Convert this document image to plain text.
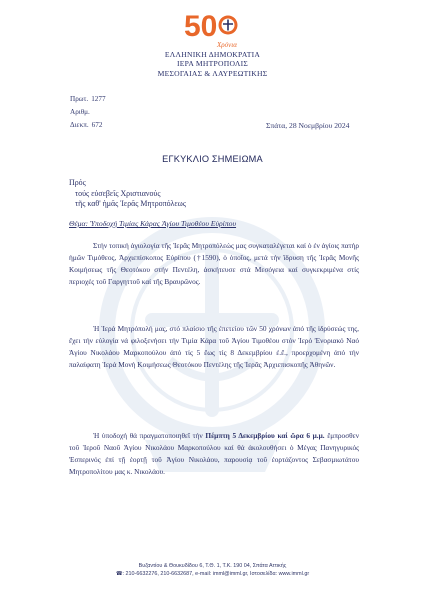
50
Χρόνια
ΕΛΛΗΝΙΚΗ ΔΗΜΟΚΡΑΤΙΑ
ΙΕΡΑ ΜΗΤΡΟΠΟΛΙΣ
ΜΕΣΟΓΑΙΑΣ & ΛΑΥΡΕΩΤΙΚΗΣ
Πρωτ. 1277
Αριθμ.
Διεκπ. 672	Σπάτα, 28 Νοεμβρίου 2024
ΕΓΚΥΚΛΙΟ ΣΗΜΕΙΩΜΑ
Πρός
τούς εὐσεβεῖς Χριστιανούς
τῆς καθ' ἡμᾶς Ἱερᾶς Μητροπόλεως
Θέμα: Ὑποδοχή Τιμίας Κάρας Ἁγίου Τιμοθέου Εὐρίπου

Στήν τοπική ἁγιολογία τῆς Ἱερᾶς Μητροπόλεώς μας συγκαταλέγεται καί ὁ ἐν ἁγίοις πατήρ ἡμῶν Τιμόθεος, Ἀρχιεπίσκοπος Εὐρίπου (†1590), ὁ ὁποῖος, μετά τήν ἵδρυση τῆς Ἱερᾶς Μονῆς Κοιμήσεως τῆς Θεοτόκου στήν Πεντέλη, ἀσκήτευσε στά Μεσόγεια καί συγκεκριμένα στίς περιοχές τοῦ Γαργηττοῦ καί τῆς Βραυρῶνος.

Ἡ Ἱερά Μητρόπολή μας, στό πλαίσιο τῆς ἐπετείου τῶν 50 χρόνων ἀπό τῆς ἱδρύσεώς της, ἔχει τήν εὐλογία νά φιλοξενήσει τήν Τιμία Κάρα τοῦ Ἁγίου Τιμοθέου στόν Ἱερό Ἐνοριακό Ναό Ἁγίου Νικολάου Μαρκοπούλου ἀπό τίς 5 ἕως τίς 8 Δεκεμβρίου ἐ.ἔ., προερχομένη ἀπό τήν παλαίφατη Ἱερά Μονή Κοιμήσεως Θεοτόκου Πεντέλης τῆς Ἱερᾶς Ἀρχιεπισκοπῆς Ἀθηνῶν.

Ἡ ὑποδοχή θά πραγματοποιηθεῖ τήν Πέμπτη 5 Δεκεμβρίου καί ὥρα 6 μ.μ. ἔμπροσθεν τοῦ Ἱεροῦ Ναοῦ Ἁγίου Νικολάου Μαρκοπούλου καί θά ἀκολουθήσει ὁ Μέγας Πανηγυρικός Ἑσπερινός ἐπί τῇ ἑορτῇ τοῦ Ἁγίου Νικολάου, παρουσίᾳ τοῦ ἑορτάζοντος Σεβασμιωτάτου Μητροπολίτου μας κ. Νικολάου.

Βυζαντίου & Θουκυδίδου 6, Τ.Θ. 1, Τ.Κ. 190 04, Σπάτα Αττικής
☎: 210-6632276, 210-6632687, e-mail: imml@imml.gr, Ιστοσελίδα: www.imml.gr
